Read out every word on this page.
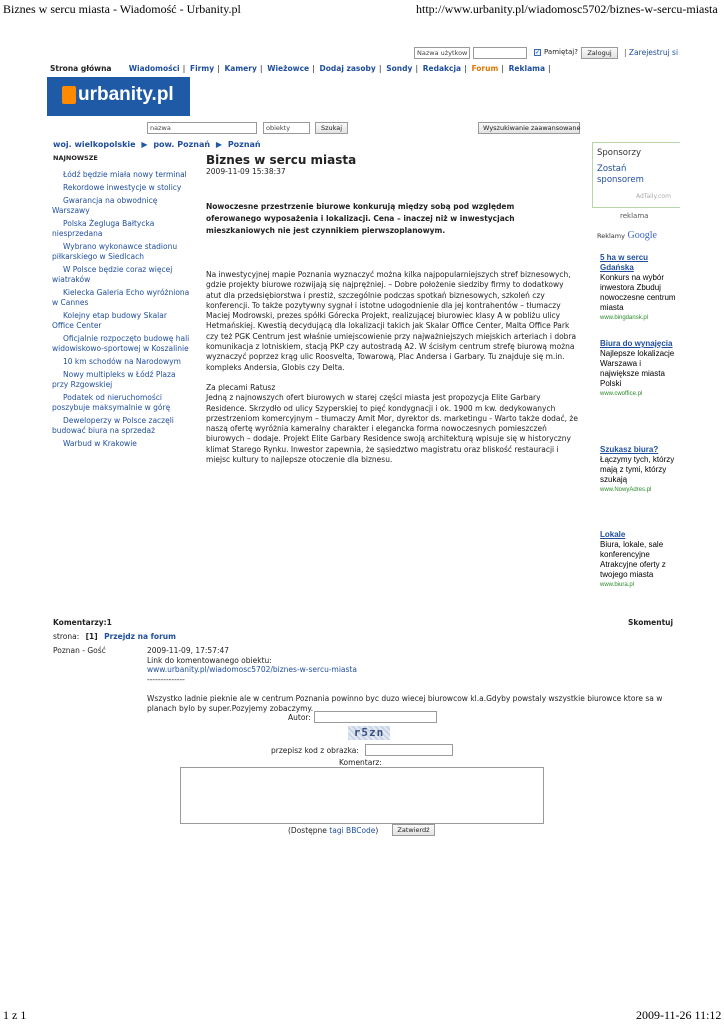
Biznes w sercu miasta - Wiadomość - Urbanity.pl	http://www.urbanity.pl/wiadomosc5702/biznes-w-sercu-miasta
1 z 1	2009-11-26 11:12
Nazwa użytkow	✓ Pamiętaj?	Zaloguj	| Zarejestruj si
Strona główna Wiadomości | Firmy | Kamery | Wieżowce | Dodaj zasoby | Sondy | Redakcja | Forum | Reklama |
urbanity.pl
nazwa	obiekty	Szukaj	Wyszukiwanie zaawansowane
woj. wielkopolskie ▶ pow. Poznań ▶ Poznań
NAJNOWSZE
Łódź będzie miała nowy terminal
Rekordowe inwestycje w stolicy
Gwarancja na obwodnicę Warszawy
Polska Żegluga Bałtycka niesprzedana
Wybrano wykonawce stadionu piłkarskiego w Siedlcach
W Polsce będzie coraz więcej wiatraków
Kielecka Galeria Echo wyróżniona w Cannes
Kolejny etap budowy Skalar Office Center
Oficjalnie rozpoczęto budowę hali widowiskowo-sportowej w Koszalinie
10 km schodów na Narodowym
Nowy multipleks w Łódź Plaza przy Rzgowskiej
Podatek od nieruchomości poszybuje maksymalnie w górę
Deweloperzy w Polsce zaczęli budować biura na sprzedaż
Warbud w Krakowie
Biznes w sercu miasta
2009-11-09 15:38:37
Nowoczesne przestrzenie biurowe konkurują między sobą pod względem oferowanego wyposażenia i lokalizacji. Cena – inaczej niż w inwestycjach mieszkaniowych nie jest czynnikiem pierwszoplanowym.

Na inwestycyjnej mapie Poznania wyznaczyć można kilka najpopularniejszych stref biznesowych, gdzie projekty biurowe rozwijają się najprężniej. – Dobre położenie siedziby firmy to dodatkowy atut dla przedsiębiorstwa i prestiż, szczególnie podczas spotkań biznesowych, szkoleń czy konferencji. To także pozytywny sygnał i istotne udogodnienie dla jej kontrahentów – tłumaczy Maciej Modrowski, prezes spółki Górecka Projekt, realizującej biurowiec klasy A w pobliżu ulicy Hetmańskiej. Kwestią decydującą dla lokalizacji takich jak Skalar Office Center, Malta Office Park czy też PGK Centrum jest właśnie umiejscowienie przy najważniejszych miejskich arteriach i dobra komunikacja z lotniskiem, stacją PKP czy autostradą A2. W ścisłym centrum strefę biurową można wyznaczyć poprzez krąg ulic Roosvelta, Towarową, Plac Andersa i Garbary. Tu znajduje się m.in. kompleks Andersia, Globis czy Delta.

Za plecami Ratusz

Jedną z najnowszych ofert biurowych w starej części miasta jest propozycja Elite Garbary Residence. Skrzydło od ulicy Szyperskiej to pięć kondygnacji i ok. 1900 m kw. dedykowanych przestrzeniom komercyjnym – tłumaczy Amit Mor, dyrektor ds. marketingu - Warto także dodać, że naszą ofertę wyróżnia kameralny charakter i elegancka forma nowoczesnych pomieszczeń biurowych – dodaje. Projekt Elite Garbary Residence swoją architekturą wpisuje się w historyczny klimat Starego Rynku. Inwestor zapewnia, że sąsiedztwo magistratu oraz bliskość restauracji i miejsc kultury to najlepsze otoczenie dla biznesu.

Sponsorzy
Zostań sponsorem
AdTaily.com
reklama
Reklamy Google
5 ha w sercu Gdańska
Konkurs na wybór inwestora Zbuduj nowoczesne centrum miasta
www.bingdansk.pl
Biura do wynajęcia
Najlepsze lokalizacje Warszawa i największe miasta Polski
www.cwoffice.pl
Szukasz biura?
Łączymy tych, którzy mają z tymi, którzy szukają
www.NowyAdres.pl
Lokale
Biura, lokale, sale konferencyjne Atrakcyjne oferty z twojego miasta
www.biura.pl
Komentarzy:1	Skomentuj
strona: [1] Przejdz na forum
Poznan - Gość	2009-11-09, 17:57:47
Link do komentowanego obiektu:
www.urbanity.pl/wiadomosc5702/biznes-w-sercu-miasta
--------------
Wszystko ladnie pieknie ale w centrum Poznania powinno byc duzo wiecej biurowcow kl.a.Gdyby powstaly wszystkie biurowce ktore sa w planach bylo by super.Pozyjemy zobaczymy.
Autor:
r5zn
przepisz kod z obrazka:
Komentarz:
(Dostępne tagi BBCode)	Zatwierdź
